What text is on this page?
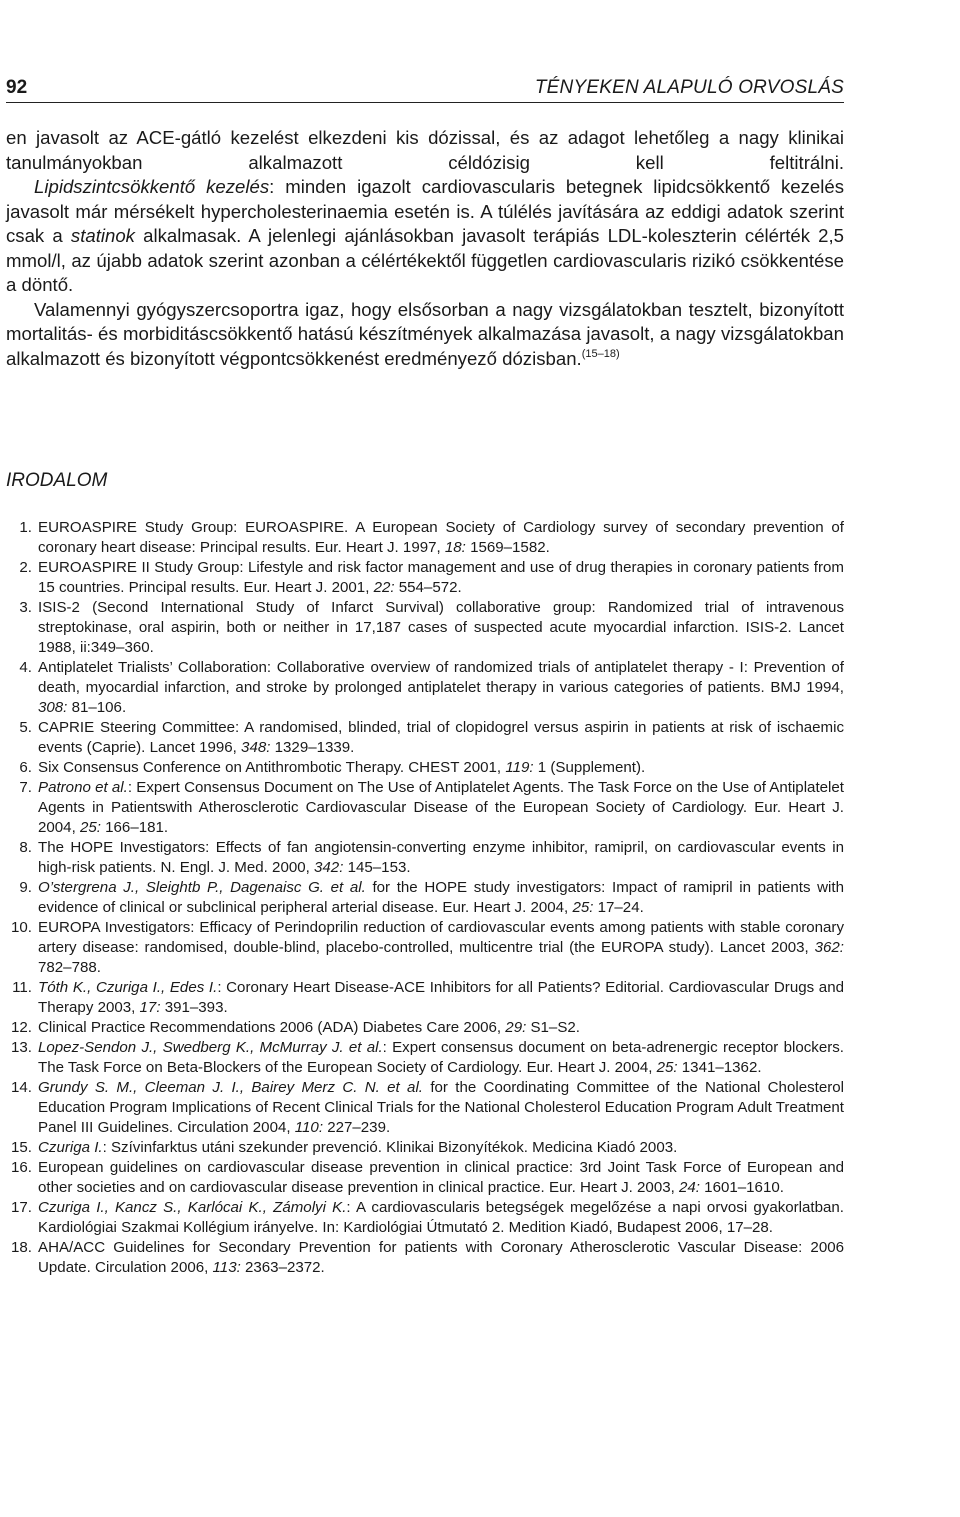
92	TÉNYEKEN ALAPULÓ ORVOSLÁS

en javasolt az ACE-gátló kezelést elkezdeni kis dózissal, és az adagot lehetőleg a nagy klinikai tanulmányokban alkalmazott céldózisig kell feltitrálni.

Lipidszintcsökkentő kezelés: minden igazolt cardiovascularis betegnek lipidcsökkentő kezelés javasolt már mérsékelt hypercholesterinaemia esetén is. A túlélés javítására az eddigi adatok szerint csak a statinok alkalmasak. A jelenlegi ajánlásokban javasolt terápiás LDL-koleszterin célérték 2,5 mmol/l, az újabb adatok szerint azonban a célértékektől független cardiovascularis rizikó csökkentése a döntő.

Valamennyi gyógyszercsoportra igaz, hogy elsősorban a nagy vizsgálatokban tesztelt, bizonyított mortalitás- és morbiditáscsökkentő hatású készítmények alkalmazása javasolt, a nagy vizsgálatokban alkalmazott és bizonyított végpontcsökkenést eredményező dózisban.$^{(15-18)}$

IRODALOM
1 . EUROASPIRE Study Group: EUROASPIRE. A European Society of Cardiology survey of secondary prevention of coronary heart disease: Principal results. Eur. Heart J. 1997, 18: 1569–1582.
2 . EUROASPIRE II Study Group: Lifestyle and risk factor management and use of drug therapies in coronary patients from 15 countries. Principal results. Eur. Heart J. 2001, 22: 554–572.
3 . ISIS-2 (Second International Study of Infarct Survival) collaborative group: Randomized trial of intravenous streptokinase, oral aspirin, both or neither in 17,187 cases of suspected acute myocardial infarction. ISIS-2. Lancet 1988, ii:349–360.
4 . Antiplatelet Trialists’ Collaboration: Collaborative overview of randomized trials of antiplatelet therapy - I: Prevention of death, myocardial infarction, and stroke by prolonged antiplatelet therapy in various categories of patients. BMJ 1994, 308: 81–106.
5 . CAPRIE Steering Committee: A randomised, blinded, trial of clopidogrel versus aspirin in patients at risk of ischaemic events (Caprie). Lancet 1996, 348: 1329–1339.
6 . Six Consensus Conference on Antithrombotic Therapy. CHEST 2001, 119: 1 (Supplement).
7 . Patrono et al.: Expert Consensus Document on The Use of Antiplatelet Agents. The Task Force on the Use of Antiplatelet Agents in Patientswith Atherosclerotic Cardiovascular Disease of the European Society of Cardiology. Eur. Heart J. 2004, 25: 166–181.
8 . The HOPE Investigators: Effects of fan angiotensin-converting enzyme inhibitor, ramipril, on cardiovascular events in high-risk patients. N. Engl. J. Med. 2000, 342: 145–153.
9 . O’stergrena J., Sleightb P., Dagenaisc G. et al. for the HOPE study investigators: Impact of ramipril in patients with evidence of clinical or subclinical peripheral arterial disease. Eur. Heart J. 2004, 25: 17–24.
10 . EUROPA Investigators: Efficacy of Perindoprilin reduction of cardiovascular events among patients with stable coronary artery disease: randomised, double-blind, placebo-controlled, multicentre trial (the EUROPA study). Lancet 2003, 362: 782–788.
11 . Tóth K., Czuriga I., Edes I.: Coronary Heart Disease-ACE Inhibitors for all Patients? Editorial. Cardiovascular Drugs and Therapy 2003, 17: 391–393.
12 . Clinical Practice Recommendations 2006 (ADA) Diabetes Care 2006, 29: S1–S2.
13 . Lopez-Sendon J., Swedberg K., McMurray J. et al.: Expert consensus document on beta-adrenergic receptor blockers. The Task Force on Beta-Blockers of the European Society of Cardiology. Eur. Heart J. 2004, 25: 1341–1362.
14 . Grundy S. M., Cleeman J. I., Bairey Merz C. N. et al. for the Coordinating Committee of the National Cholesterol Education Program Implications of Recent Clinical Trials for the National Cholesterol Education Program Adult Treatment Panel III Guidelines. Circulation 2004, 110: 227–239.
15 . Czuriga I.: Szívinfarktus utáni szekunder prevenció. Klinikai Bizonyítékok. Medicina Kiadó 2003.
16 . European guidelines on cardiovascular disease prevention in clinical practice: 3rd Joint Task Force of European and other societies and on cardiovascular disease prevention in clinical practice. Eur. Heart J. 2003, 24: 1601–1610.
17 . Czuriga I., Kancz S., Karlócai K., Zámolyi K.: A cardiovascularis betegségek megelőzése a napi orvosi gyakorlatban. Kardiológiai Szakmai Kollégium irányelve. In: Kardiológiai Útmutató 2. Medition Kiadó, Budapest 2006, 17–28.
18 . AHA/ACC Guidelines for Secondary Prevention for patients with Coronary Atherosclerotic Vascular Disease: 2006 Update. Circulation 2006, 113: 2363–2372.
